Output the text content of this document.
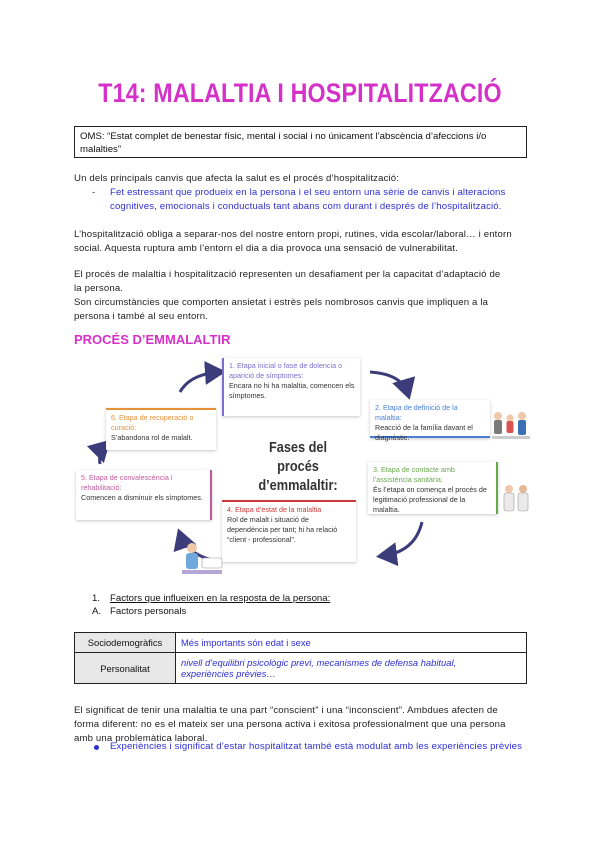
T14: MALALTIA I HOSPITALITZACIÓ
OMS: “Estat complet de benestar físic, mental i social i no únicament l’abscència d’afeccions i/o malalties”
Un dels principals canvis que afecta la salut es el procés d’hospitalització:
- Fet estressant que produeix en la persona i el seu entorn una sèrie de canvis i alteracions
cognitives, emocionals i conductuals tant abans com durant i després de l’hospitalització.
L’hospitalització obliga a separar-nos del nostre entorn propi, rutines, vida escolar/laboral… i entorn
social. Aquesta ruptura amb l’entorn el dia a dia provoca una sensació de vulnerabilitat.
El procés de malaltia i hospitalització representen un desafiament per la capacitat d’adaptació de
la persona.
Son circumstàncies que comporten ansietat i estrès pels nombrosos canvis que impliquen a la
persona i també al seu entorn.
PROCÉS D’EMMALALTIR
Fases del procés
d’emmalaltir:
1. Etapa inicial o fase de dolencia o aparició de símptomes:
Encara no hi ha malaltia, comencen els símptomes.
2. Etapa de definició de la malaltia:
Reacció de la família davant el diagnòstic.
3. Etapa de contacte amb l’assistència sanitària:
És l’etapa on comença el procés de legitimació professional de la malaltia.
4. Etapa d’estat de la malaltia
Rol de malalt i situació de dependència per tant; hi ha relació “client - professional”.
5. Etapa de convalescència i rehabilitació:
Comencen a disminuir els símptomes.
6. Etapa de recuperació o curació:
S’abandona rol de malalt.
1. Factors que influeixen en la resposta de la persona:
A. Factors personals
Sociodemogràfics	Més importants són edat i sexe
Personalitat	nivell d’equilibri psicològic previ, mecanismes de defensa habitual,
experiències prèvies…
El significat de tenir una malaltia te una part “conscient” i una “inconscient”. Ambdues afecten de
forma diferent: no es el mateix ser una persona activa i exitosa professionalment que una persona
amb una problemàtica laboral.
Experiències i significat d’estar hospitalitzat també està modulat amb les experiències prèvies
